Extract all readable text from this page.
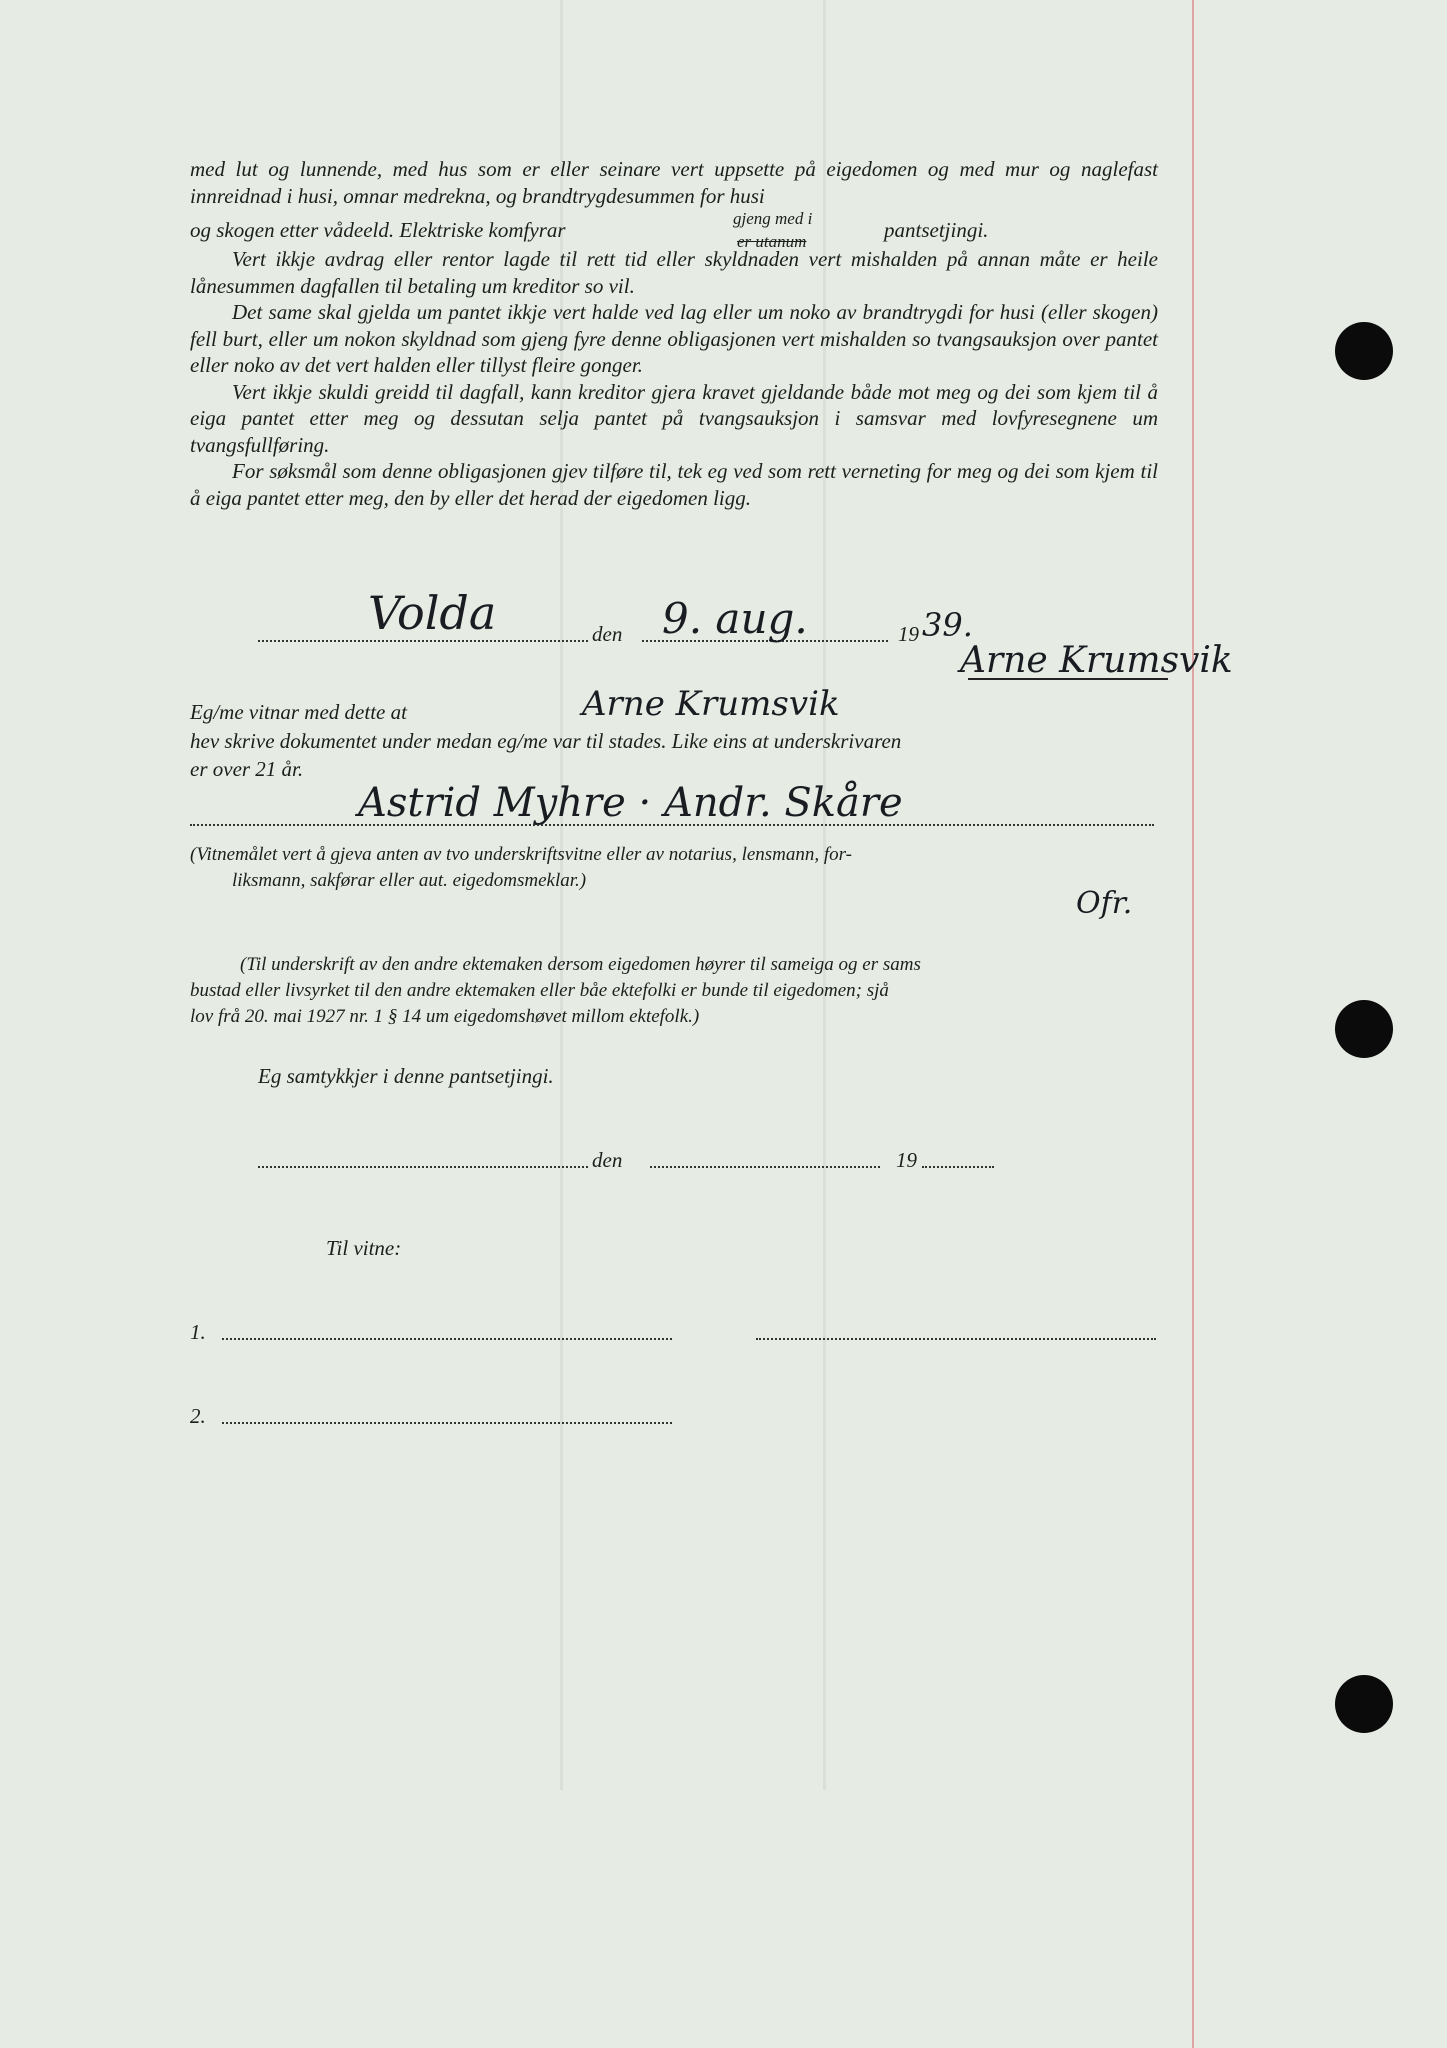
med lut og lunnende, med hus som er eller seinare vert uppsette på eigedomen og med mur og naglefast innreidnad i husi, omnar medrekna, og brandtrygdesummen for husi

og skogen etter vådeeld. Elektriske komfyrar	gjeng med i
er utanum	pantsetjingi.

Vert ikkje avdrag eller rentor lagde til rett tid eller skyldnaden vert mishalden på annan måte er heile lånesummen dagfallen til betaling um kreditor so vil.

Det same skal gjelda um pantet ikkje vert halde ved lag eller um noko av brandtrygdi for husi (eller skogen) fell burt, eller um nokon skyldnad som gjeng fyre denne obligasjonen vert mishalden so tvangsauksjon over pantet eller noko av det vert halden eller tillyst fleire gonger.

Vert ikkje skuldi greidd til dagfall, kann kreditor gjera kravet gjeldande både mot meg og dei som kjem til å eiga pantet etter meg og dessutan selja pantet på tvangsauksjon i samsvar med lovfyresegnene um tvangsfullføring.

For søksmål som denne obligasjonen gjev tilføre til, tek eg ved som rett verneting for meg og dei som kjem til å eiga pantet etter meg, den by eller det herad der eigedomen ligg.

Volda	den 9. aug.	19 39.
Arne Krumsvik
Eg/me vitnar med dette at	Arne Krumsvik
hev skrive dokumentet under medan eg/me var til stades. Like eins at underskrivaren
er over 21 år.
Astrid Myhre · Andr. Skåre
(Vitnemålet vert å gjeva anten av tvo underskriftsvitne eller av notarius, lensmann, for-
liksmann, sakførar eller aut. eigedomsmeklar.)
Ofr.
(Til underskrift av den andre ektemaken dersom eigedomen høyrer til sameiga og er sams
bustad eller livsyrket til den andre ektemaken eller båe ektefolki er bunde til eigedomen; sjå
lov frå 20. mai 1927 nr. 1 § 14 um eigedomshøvet millom ektefolk.)
Eg samtykkjer i denne pantsetjingi.
den	19
Til vitne:
1.
2.
